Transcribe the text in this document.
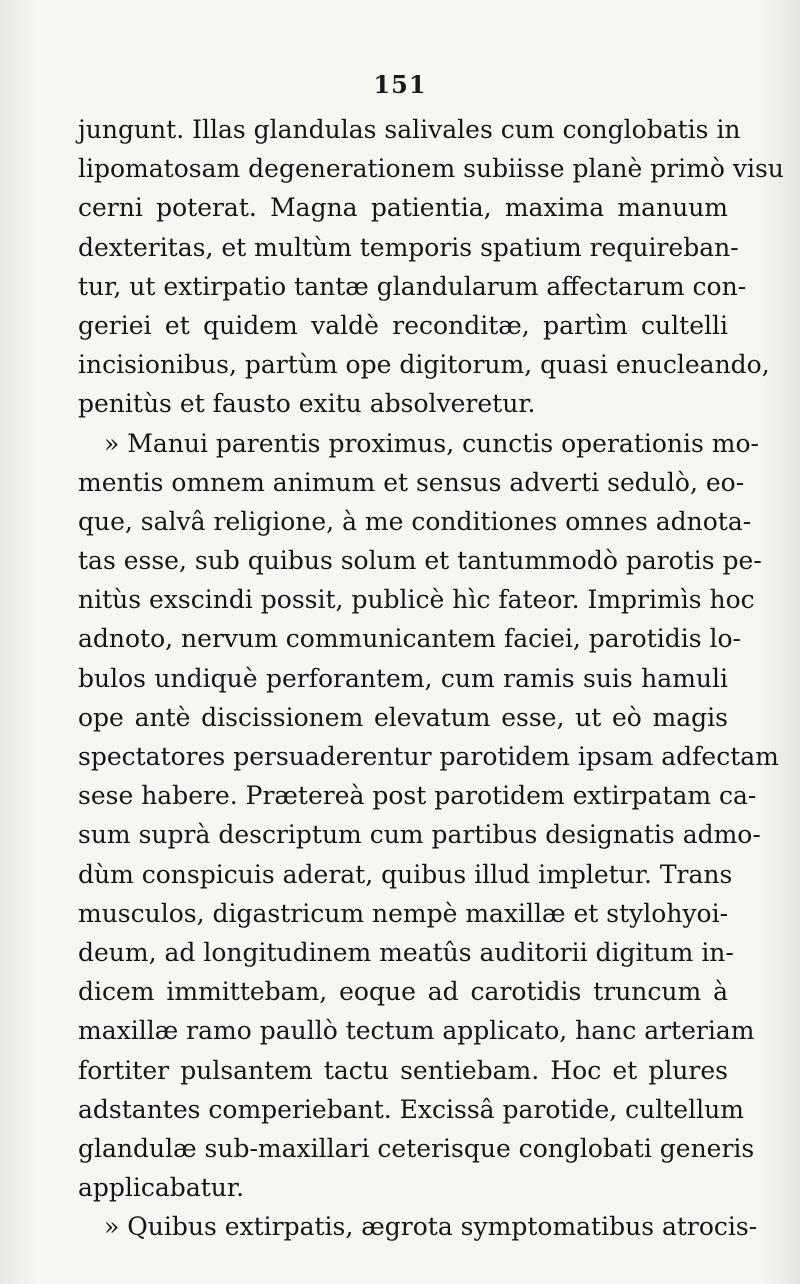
151
jungunt. Illas glandulas salivales cum conglobatis in
lipomatosam degenerationem subiisse planè primò visu
cerni poterat. Magna patientia, maxima manuum
dexteritas, et multùm temporis spatium requireban-
tur, ut extirpatio tantæ glandularum affectarum con-
geriei et quidem valdè reconditæ, partìm cultelli
incisionibus, partùm ope digitorum, quasi enucleando,
penitùs et fausto exitu absolveretur.
» Manui parentis proximus, cunctis operationis mo-
mentis omnem animum et sensus adverti sedulò, eo-
que, salvâ religione, à me conditiones omnes adnota-
tas esse, sub quibus solum et tantummodò parotis pe-
nitùs exscindi possit, publicè hìc fateor. Imprimìs hoc
adnoto, nervum communicantem faciei, parotidis lo-
bulos undiquè perforantem, cum ramis suis hamuli
ope antè discissionem elevatum esse, ut eò magis
spectatores persuaderentur parotidem ipsam adfectam
sese habere. Prætereà post parotidem extirpatam ca-
sum suprà descriptum cum partibus designatis admo-
dùm conspicuis aderat, quibus illud impletur. Trans
musculos, digastricum nempè maxillæ et stylohyoi-
deum, ad longitudinem meatûs auditorii digitum in-
dicem immittebam, eoque ad carotidis truncum à
maxillæ ramo paullò tectum applicato, hanc arteriam
fortiter pulsantem tactu sentiebam. Hoc et plures
adstantes comperiebant. Excissâ parotide, cultellum
glandulæ sub-maxillari ceterisque conglobati generis
applicabatur.
» Quibus extirpatis, ægrota symptomatibus atrocis-
